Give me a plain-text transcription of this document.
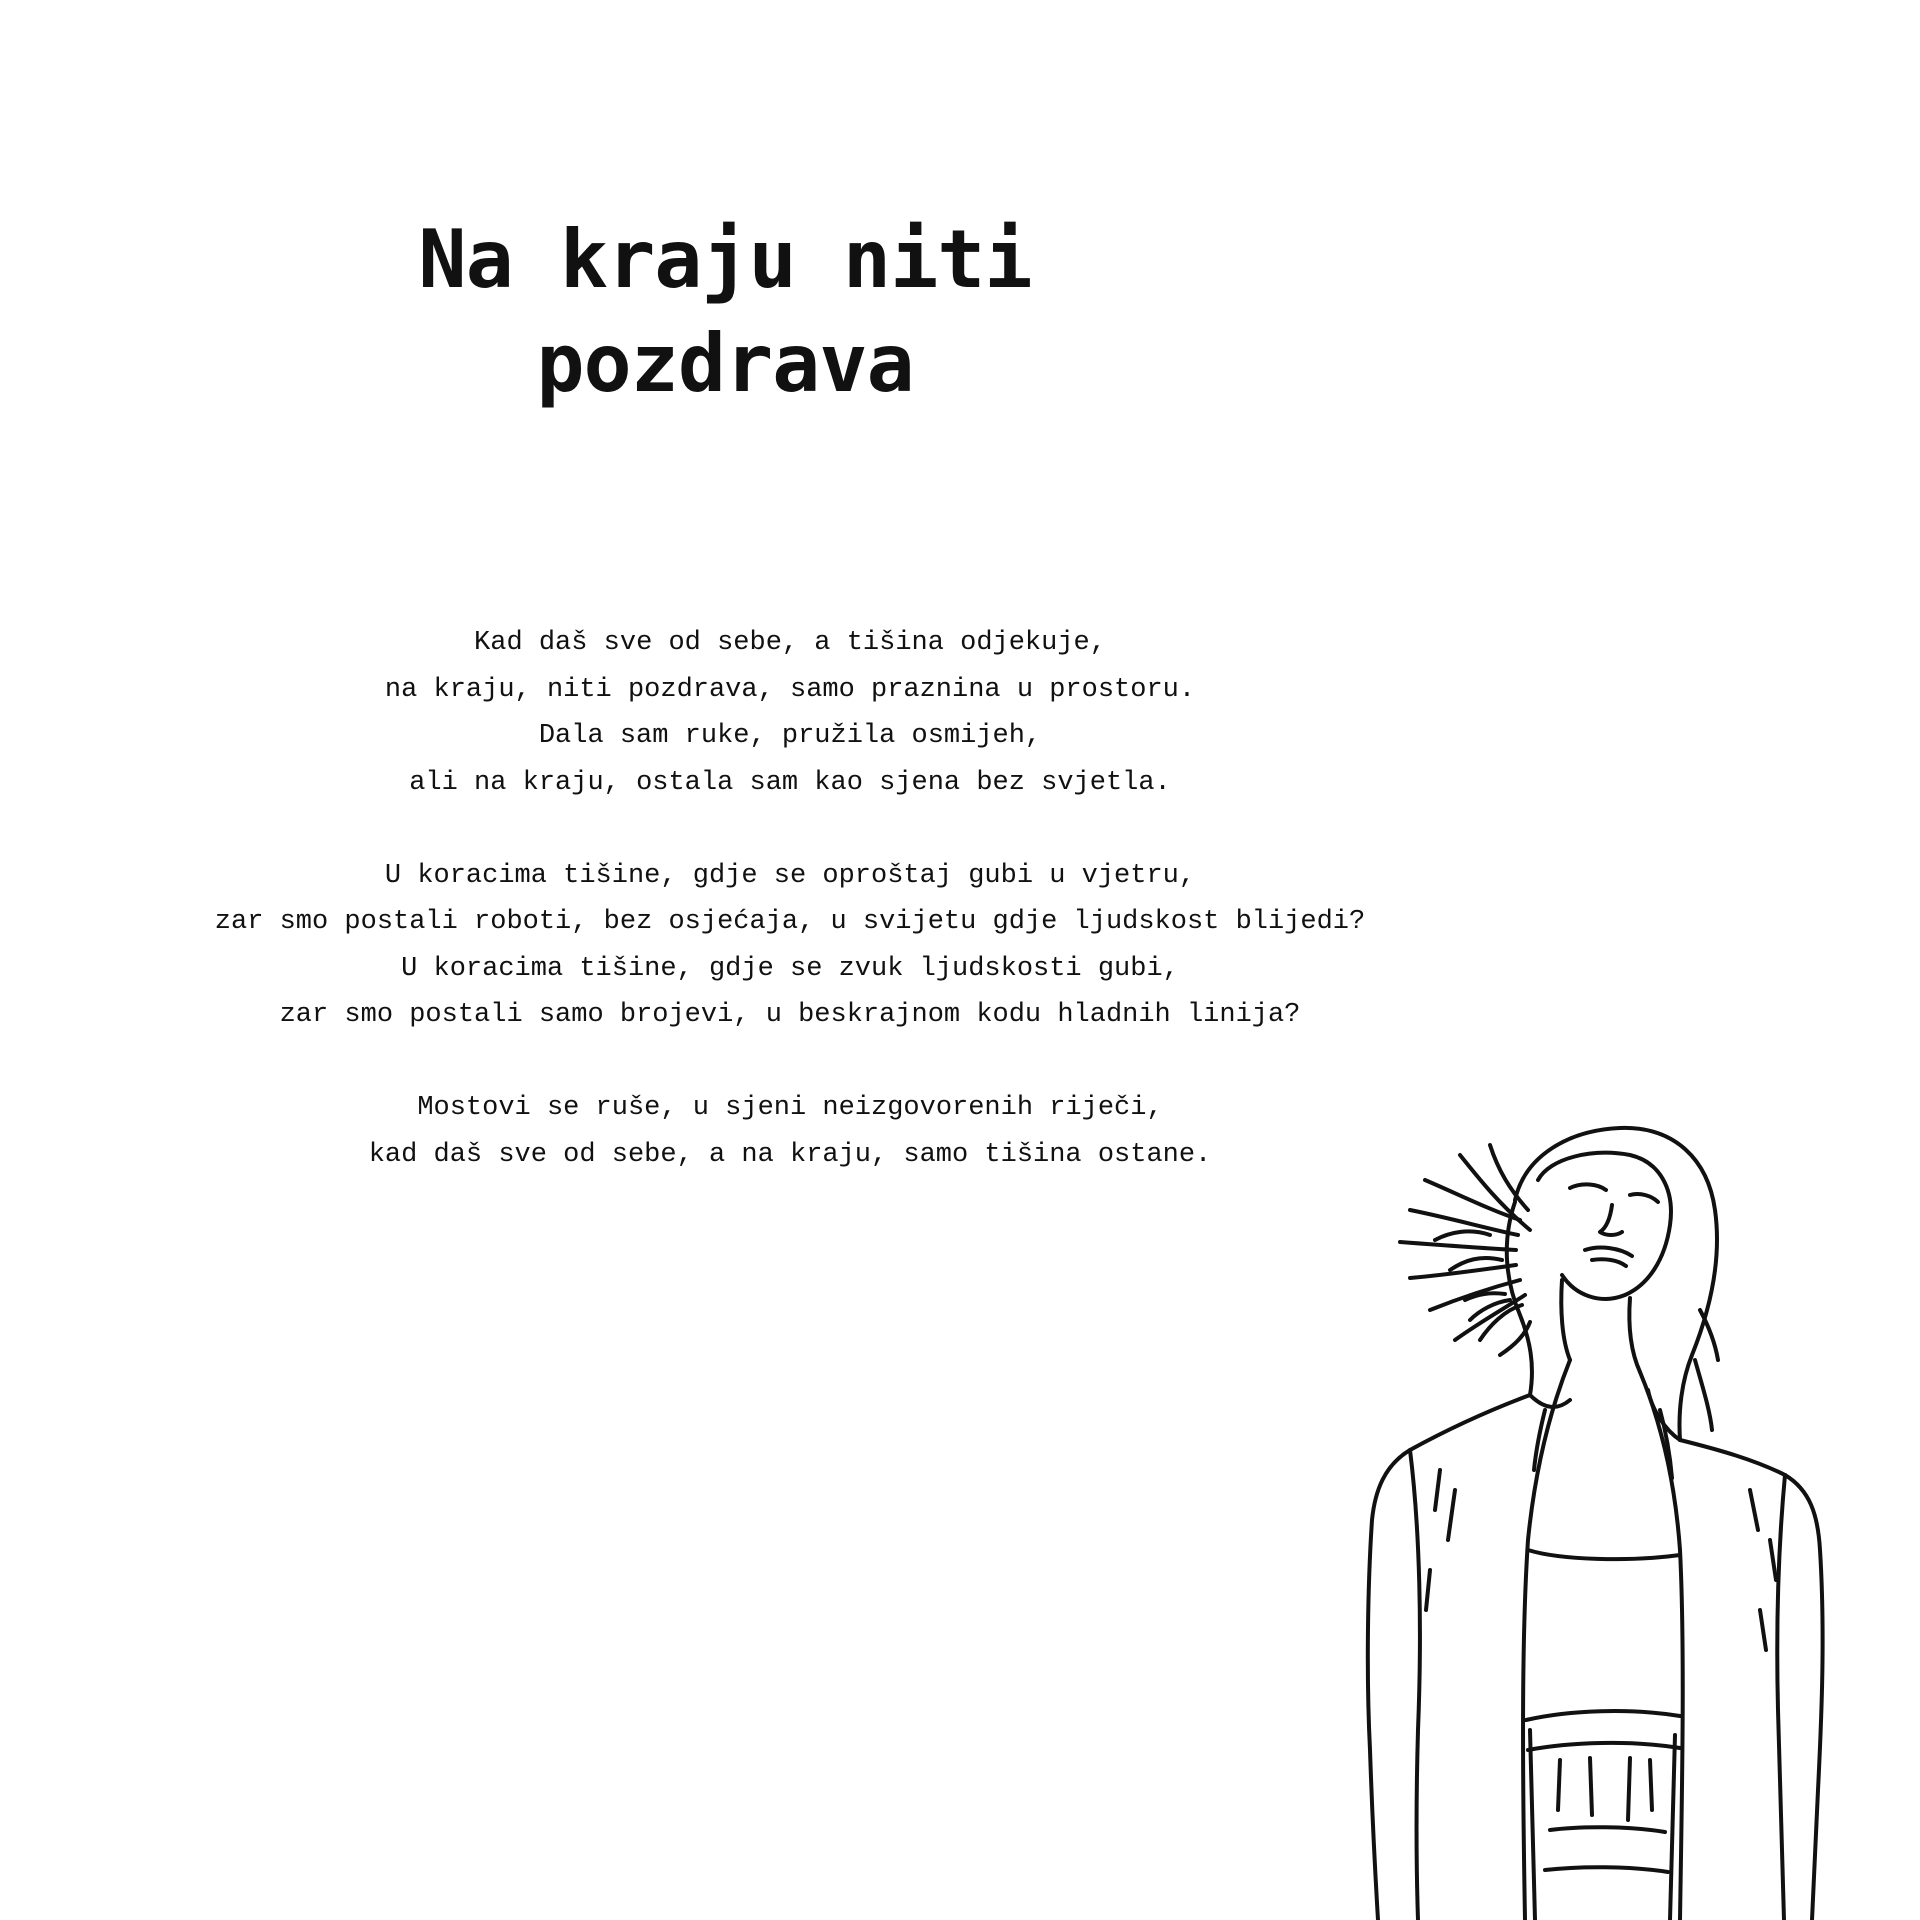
Na kraju niti
pozdrava

Kad daš sve od sebe, a tišina odjekuje,
na kraju, niti pozdrava, samo praznina u prostoru.
Dala sam ruke, pružila osmijeh,
ali na kraju, ostala sam kao sjena bez svjetla.

U koracima tišine, gdje se oproštaj gubi u vjetru,
zar smo postali roboti, bez osjećaja, u svijetu gdje ljudskost blijedi?
U koracima tišine, gdje se zvuk ljudskosti gubi,
zar smo postali samo brojevi, u beskrajnom kodu hladnih linija?

Mostovi se ruše, u sjeni neizgovorenih riječi,
kad daš sve od sebe, a na kraju, samo tišina ostane.
